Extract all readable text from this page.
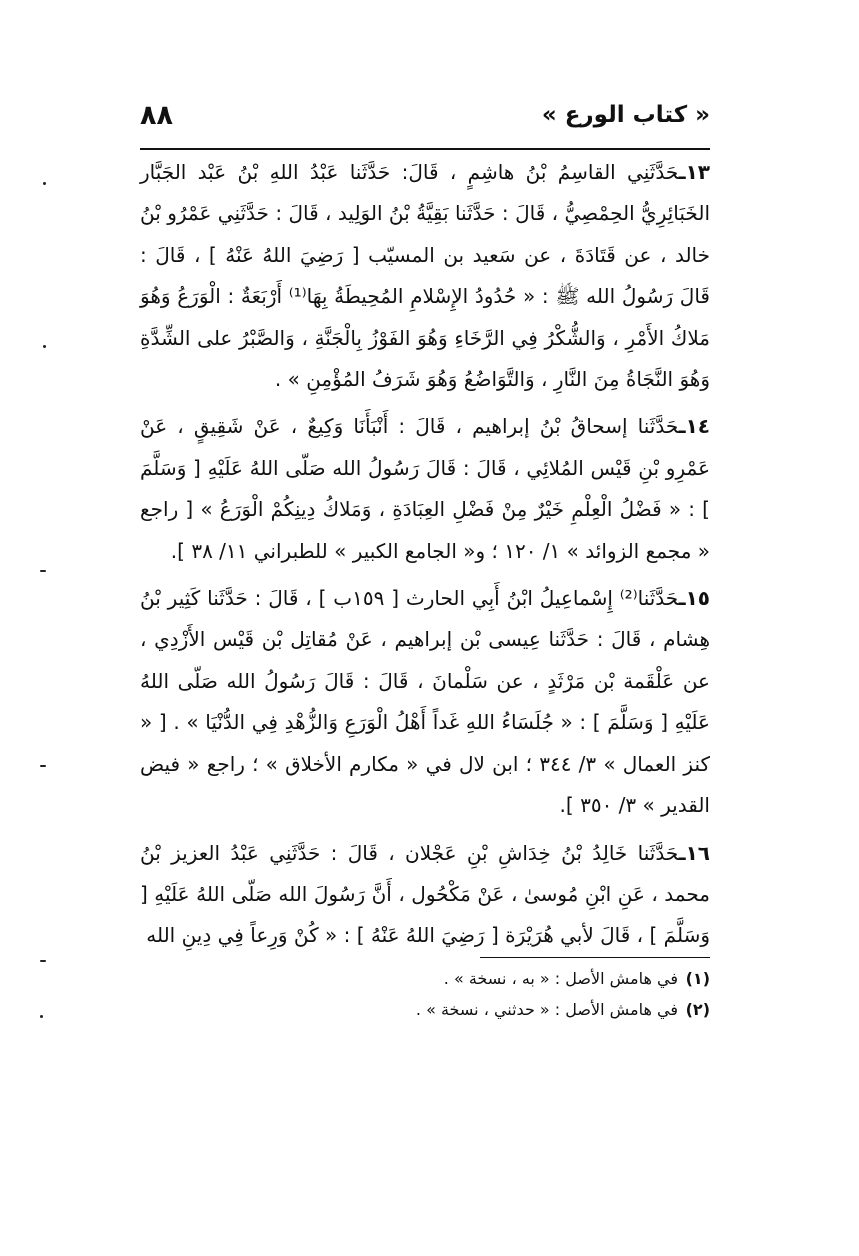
٨٨	« كتاب الورع »

١٣ـحَدَّثَنِي القاسِمُ بْنُ هاشِمٍ ، قَالَ: حَدَّثَنا عَبْدُ اللهِ بْنُ عَبْد الجَبَّار الخَبَائِرِيُّ الحِمْصِيُّ ، قَالَ : حَدَّثَنا بَقِيَّةُ بْنُ الوَلِيد ، قَالَ : حَدَّثَنِي عَمْرُو بْنُ خالد ، عن قَتَادَةَ ، عن سَعيد بن المسيّب [ رَضِيَ اللهُ عَنْهُ ] ، قَالَ : قَالَ رَسُولُ الله ﷺ : « حُدُودُ الإِسْلامِ المُحِيطَةُ بِهَا⁽¹⁾ أَرْبَعَةٌ : الْوَرَعُ وَهُوَ مَلاكُ الأَمْرِ ، وَالشُّكْرُ فِي الرَّخَاءِ وَهُوَ الفَوْزُ بِالْجَنَّةِ ، وَالصَّبْرُ على الشِّدَّةِ وَهُوَ النَّجَاةُ مِنَ النَّارِ ، وَالتَّوَاضُعُ وَهُوَ شَرَفُ المُؤْمِنِ » .

١٤ـحَدَّثَنا إسحاقُ بْنُ إبراهيم ، قَالَ : أَنْبَأَنَا وَكِيعٌ ، عَنْ شَقِيقٍ ، عَنْ عَمْرِو بْنِ قَيْس المُلائِي ، قَالَ : قَالَ رَسُولُ الله صَلّى اللهُ عَلَيْهِ [ وَسَلَّمَ ] : « فَضْلُ الْعِلْمِ خَيْرٌ مِنْ فَضْلِ العِبَادَةِ ، وَمَلاكُ دِينِكُمْ الْوَرَعُ » [ راجع « مجمع الزوائد » ١/ ١٢٠ ؛ و« الجامع الكبير » للطبراني ١١/ ٣٨ ].

١٥ـحَدَّثَنا⁽²⁾ إِسْماعِيلُ ابْنُ أَبِي الحارث [ ١٥٩ب ] ، قَالَ : حَدَّثَنا كَثِير بْنُ هِشام ، قَالَ : حَدَّثَنا عِيسى بْن إبراهيم ، عَنْ مُقاتِل بْن قَيْس الأَزْدِي ، عن عَلْقَمة بْن مَرْثَدٍ ، عن سَلْمانَ ، قَالَ : قَالَ رَسُولُ الله صَلّى اللهُ عَلَيْهِ [ وَسَلَّمَ ] : « جُلَسَاءُ اللهِ غَداً أَهْلُ الْوَرَعِ وَالزُّهْدِ فِي الدُّنْيَا » . [ « كنز العمال » ٣/ ٣٤٤ ؛ ابن لال في « مكارم الأخلاق » ؛ راجع « فيض القدير » ٣/ ٣٥٠ ].

١٦ـحَدَّثَنا خَالِدُ بْنُ خِدَاشِ بْنِ عَجْلان ، قَالَ : حَدَّثَنِي عَبْدُ العزيز بْنُ محمد ، عَنِ ابْنِ مُوسىٰ ، عَنْ مَكْحُول ، أَنَّ رَسُولَ الله صَلّى اللهُ عَلَيْهِ [ وَسَلَّمَ ] ، قَالَ لأبي هُرَيْرَة [ رَضِيَ اللهُ عَنْهُ ] : « كُنْ وَرِعاً فِي دِينِ الله

(١)في هامش الأصل : « به ، نسخة » .

(٢)في هامش الأصل : « حدثني ، نسخة » .
